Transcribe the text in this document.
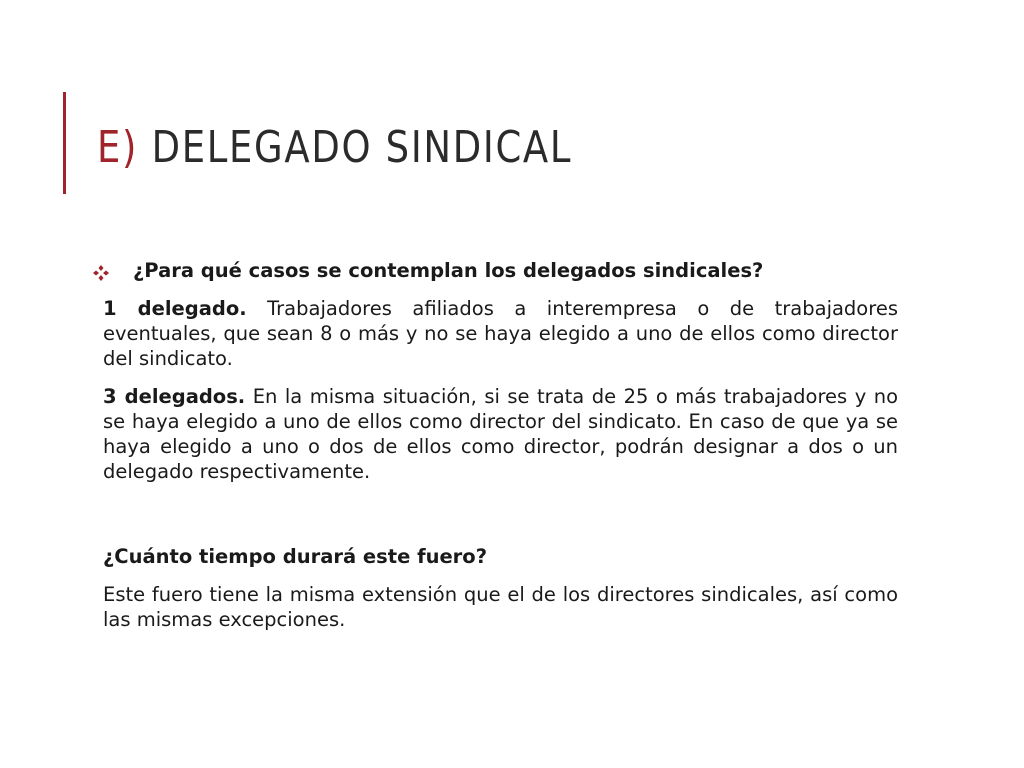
E) DELEGADO SINDICAL
¿Para qué casos se contemplan los delegados sindicales?

1 delegado. Trabajadores afiliados a interempresa o de trabajadores eventuales, que sean 8 o más y no se haya elegido a uno de ellos como director del sindicato.

3 delegados. En la misma situación, si se trata de 25 o más trabajadores y no se haya elegido a uno de ellos como director del sindicato. En caso de que ya se haya elegido a uno o dos de ellos como director, podrán designar a dos o un delegado respectivamente.

¿Cuánto tiempo durará este fuero?

Este fuero tiene la misma extensión que el de los directores sindicales, así como las mismas excepciones.
